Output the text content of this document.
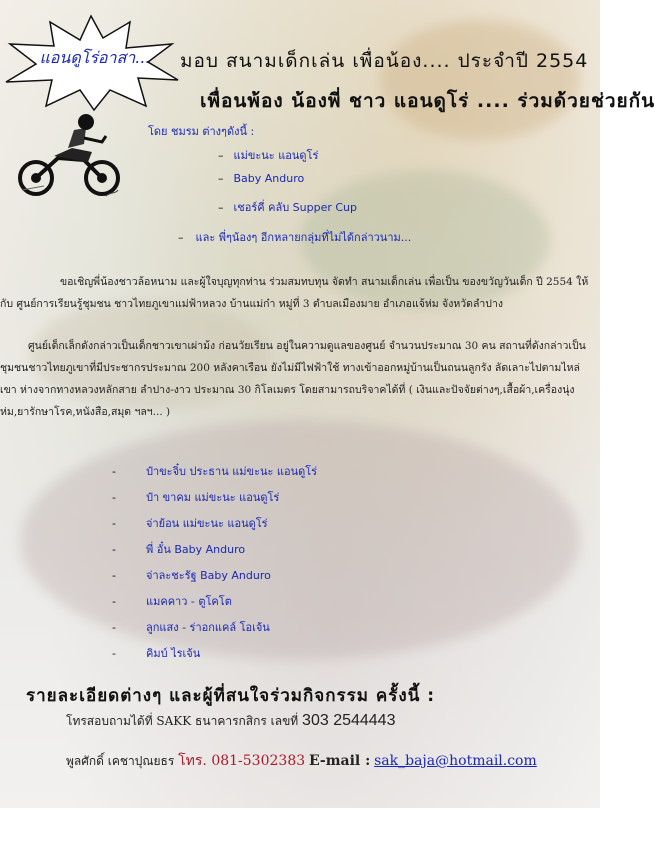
แอนดูโร่อาสา...	มอบ สนามเด็กเล่น เพื่อน้อง.... ประจำปี 2554
เพื่อนพ้อง น้องพี่ ชาว แอนดูโร่ .... ร่วมด้วยช่วยกัน
โดย ชมรม ต่างๆดังนี้ :
– แม่ขะนะ แอนดูโร่
– Baby Anduro
– เชอร์คี่ คลับ Supper Cup
– และ พี่ๆน้องๆ อีกหลายกลุ่มที่ไม่ได้กล่าวนาม...
ขอเชิญพี่น้องชาวล้อหนาม และผู้ใจบุญทุกท่าน ร่วมสมทบทุน จัดทำ สนามเด็กเล่น เพื่อเป็น ของขวัญวันเด็ก ปี 2554 ให้ กับ ศูนย์การเรียนรู้ชุมชน ชาวไทยภูเขาแม่ฟ้าหลวง บ้านแม่ก๋า หมู่ที่ 3 ตำบลเมืองมาย อำเภอแจ้ห่ม จังหวัดลำปาง
ศูนย์เด็กเล็กดังกล่าวเป็นเด็กชาวเขาเผ่าม้ง ก่อนวัยเรียน อยู่ในความดูแลของศูนย์ จำนวนประมาณ 30 คน สถานที่ดังกล่าวเป็นชุมชนชาวไทยภูเขาที่มีประชากรประมาณ 200 หลังคาเรือน ยังไม่มีไฟฟ้าใช้ ทางเข้าออกหมู่บ้านเป็นถนนลูกรัง ลัดเลาะไปตามไหล่เขา ห่างจากทางหลวงหลักสาย ลำปาง-งาว ประมาณ 30 กิโลเมตร โดยสามารถบริจาคได้ที่ ( เงินและปัจจัยต่างๆ,เสื้อผ้า,เครื่องนุ่งห่ม,ยารักษาโรค,หนังสือ,สมุด ฯลฯ... )
-	ป๋าขะจิ๋บ ประธาน แม่ขะนะ แอนดูโร่
-	ป๋า ขาคม แม่ขะนะ แอนดูโร่
-	จ่าย้อน แม่ขะนะ แอนดูโร่
-	พี่ อั๋น Baby Anduro
-	จ่าละชะรัฐ Baby Anduro
-	แมคคาว - ตูโคโต
-	ลูกแสง - ร่าอกแคล์ โอเจ้น
-	คิมบ์ ไรเจ้น
รายละเอียดต่างๆ และผู้ที่สนใจร่วมกิจกรรม ครั้งนี้ :
โทรสอบถามได้ที่ SAKK ธนาคารกสิกร เลขที่ 303 2544443
พูลศักดิ์ เคชาปุณยธร โทร. 081-5302383 E-mail : sak_baja@hotmail.com
